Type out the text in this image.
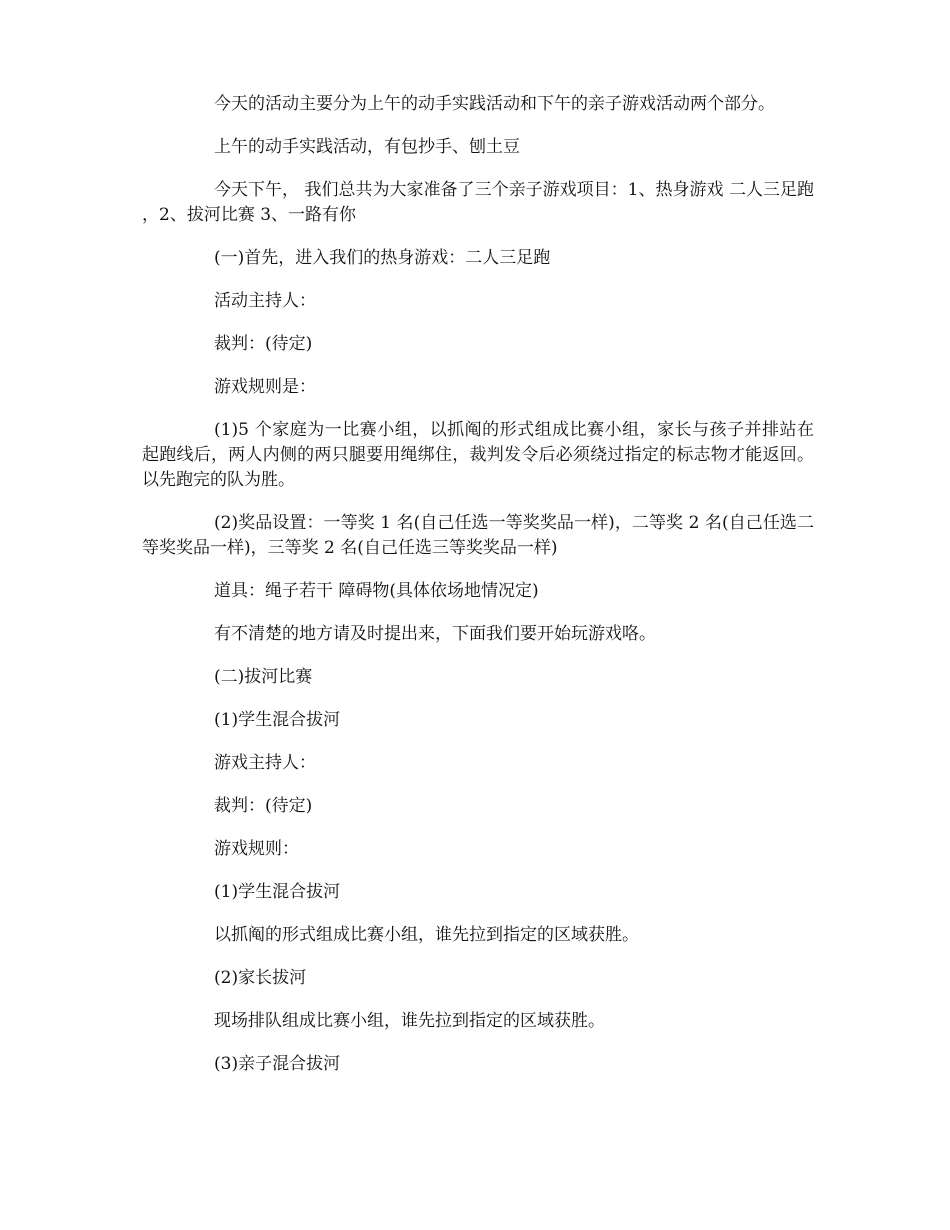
今天的活动主要分为上午的动手实践活动和下午的亲子游戏活动两个部分。

上午的动手实践活动，有包抄手、刨土豆

今天下午， 我们总共为大家准备了三个亲子游戏项目：1、热身游戏 二人三足跑 ，2、拔河比赛 3、一路有你

(一)首先，进入我们的热身游戏：二人三足跑

活动主持人：

裁判：(待定)

游戏规则是：

(1)5 个家庭为一比赛小组，以抓阄的形式组成比赛小组，家长与孩子并排站在起跑线后，两人内侧的两只腿要用绳绑住，裁判发令后必须绕过指定的标志物才能返回。以先跑完的队为胜。

(2)奖品设置：一等奖 1 名(自己任选一等奖奖品一样)，二等奖 2 名(自己任选二等奖奖品一样)，三等奖 2 名(自己任选三等奖奖品一样)

道具：绳子若干 障碍物(具体依场地情况定)

有不清楚的地方请及时提出来，下面我们要开始玩游戏咯。

(二)拔河比赛

(1)学生混合拔河

游戏主持人：

裁判：(待定)

游戏规则：

(1)学生混合拔河

以抓阄的形式组成比赛小组，谁先拉到指定的区域获胜。

(2)家长拔河

现场排队组成比赛小组，谁先拉到指定的区域获胜。

(3)亲子混合拔河
